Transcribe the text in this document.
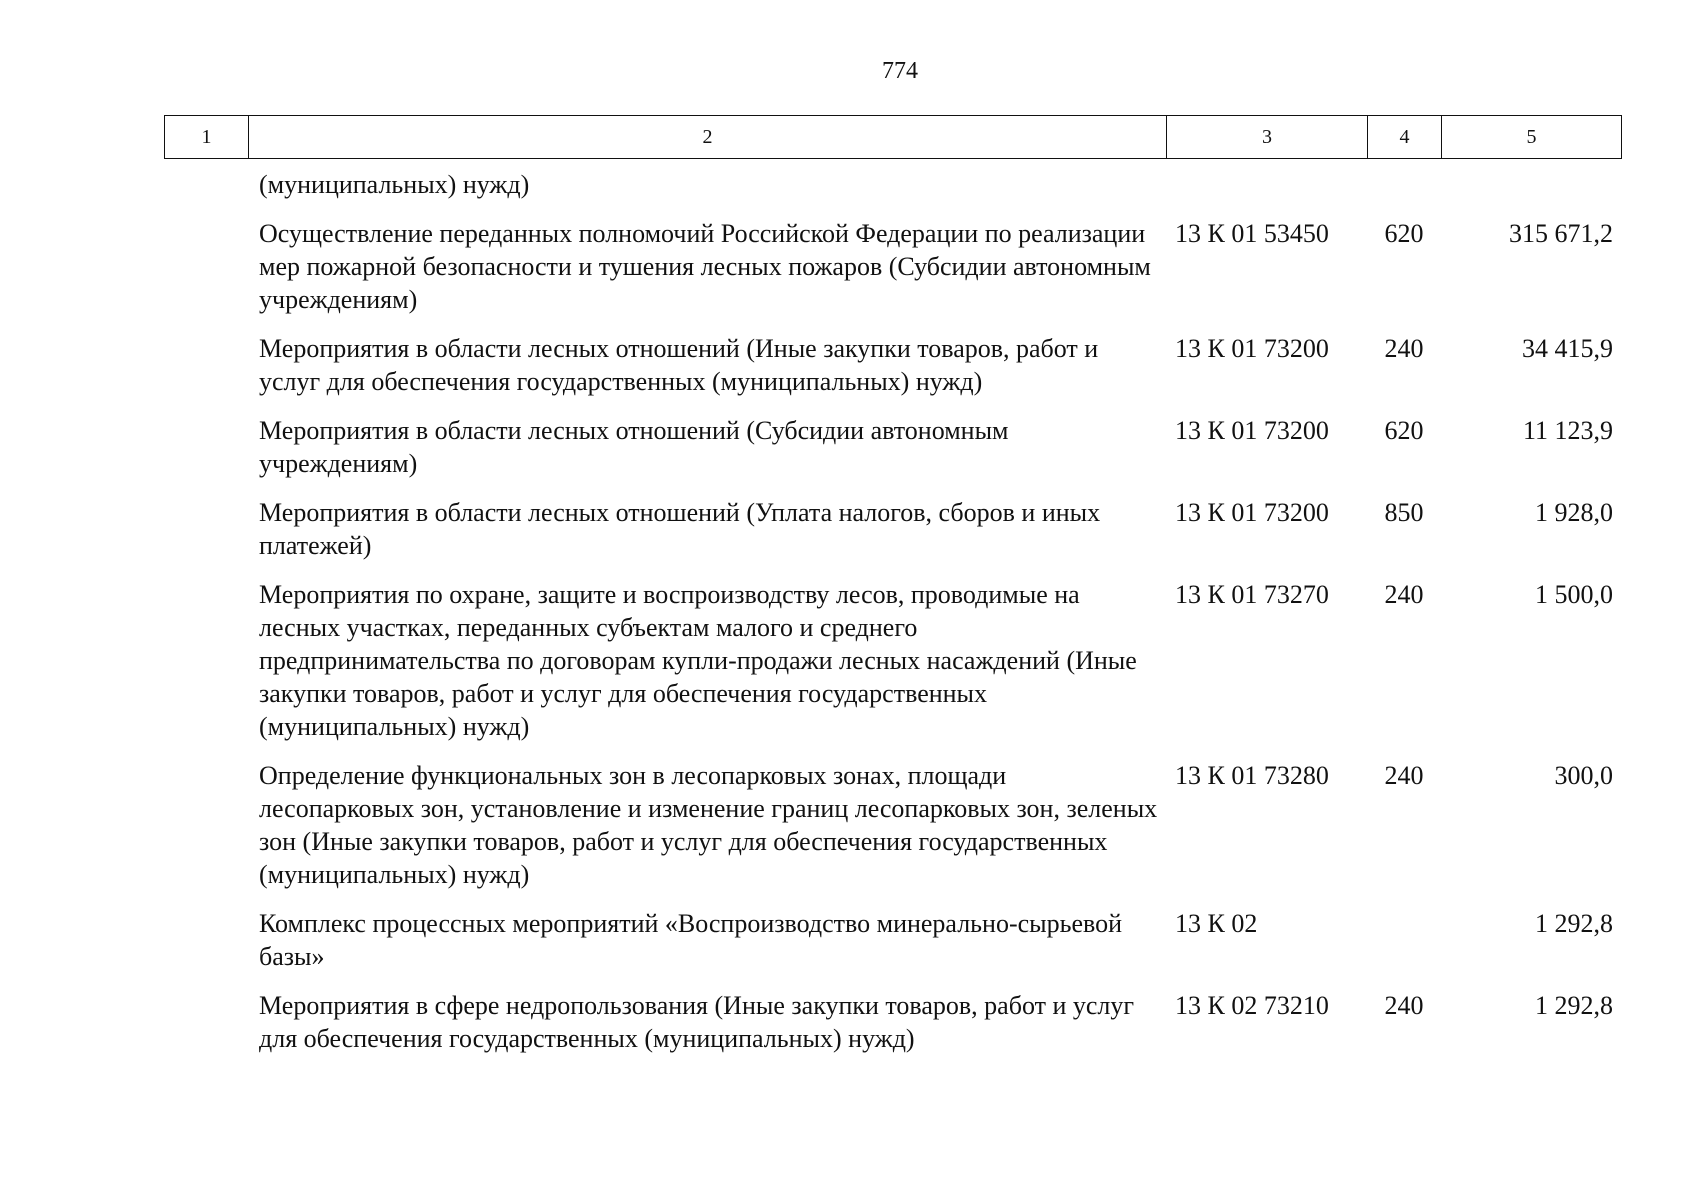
774
1	2	3	4	5
(муниципальных) нужд)			
Осуществление переданных полномочий Российской Федерации по реализации мер пожарной безопасности и тушения лесных пожаров (Субсидии автономным учреждениям)	13 К 01 53450	620	315 671,2
Мероприятия в области лесных отношений (Иные закупки товаров, работ и услуг для обеспечения государственных (муниципальных) нужд)	13 К 01 73200	240	34 415,9
Мероприятия в области лесных отношений (Субсидии автономным учреждениям)	13 К 01 73200	620	11 123,9
Мероприятия в области лесных отношений (Уплата налогов, сборов и иных платежей)	13 К 01 73200	850	1 928,0
Мероприятия по охране, защите и воспроизводству лесов, проводимые на лесных участках, переданных субъектам малого и среднего предпринимательства по договорам купли-продажи лесных насаждений (Иные закупки товаров, работ и услуг для обеспечения государственных (муниципальных) нужд)	13 К 01 73270	240	1 500,0
Определение функциональных зон в лесопарковых зонах, площади лесопарковых зон, установление и изменение границ лесопарковых зон, зеленых зон (Иные закупки товаров, работ и услуг для обеспечения государственных (муниципальных) нужд)	13 К 01 73280	240	300,0
Комплекс процессных мероприятий «Воспроизводство минерально-сырьевой базы»	13 К 02		1 292,8
Мероприятия в сфере недропользования (Иные закупки товаров, работ и услуг для обеспечения государственных (муниципальных) нужд)	13 К 02 73210	240	1 292,8
